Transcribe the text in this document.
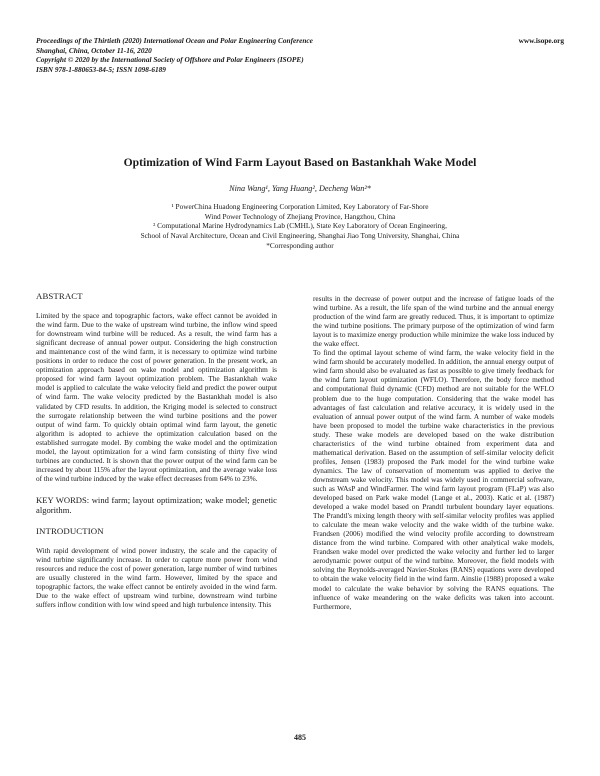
Proceedings of the Thirtieth (2020) International Ocean and Polar Engineering Conference
Shanghai, China, October 11-16, 2020
Copyright © 2020 by the International Society of Offshore and Polar Engineers (ISOPE)
ISBN 978-1-880653-84-5; ISSN 1098-6189
www.isope.org
Optimization of Wind Farm Layout Based on Bastankhah Wake Model
Nina Wang¹, Yang Huang², Decheng Wan²*
¹ PowerChina Huadong Engineering Corporation Limited, Key Laboratory of Far-Shore
Wind Power Technology of Zhejiang Province, Hangzhou, China
² Computational Marine Hydrodynamics Lab (CMHL), State Key Laboratory of Ocean Engineering,
School of Naval Architecture, Ocean and Civil Engineering, Shanghai Jiao Tong University, Shanghai, China
*Corresponding author
ABSTRACT

Limited by the space and topographic factors, wake effect cannot be avoided in the wind farm. Due to the wake of upstream wind turbine, the inflow wind speed for downstream wind turbine will be reduced. As a result, the wind farm has a significant decrease of annual power output. Considering the high construction and maintenance cost of the wind farm, it is necessary to optimize wind turbine positions in order to reduce the cost of power generation. In the present work, an optimization approach based on wake model and optimization algorithm is proposed for wind farm layout optimization problem. The Bastankhah wake model is applied to calculate the wake velocity field and predict the power output of wind farm. The wake velocity predicted by the Bastankhah model is also validated by CFD results. In addition, the Kriging model is selected to construct the surrogate relationship between the wind turbine positions and the power output of wind farm. To quickly obtain optimal wind farm layout, the genetic algorithm is adopted to achieve the optimization calculation based on the established surrogate model. By combing the wake model and the optimization model, the layout optimization for a wind farm consisting of thirty five wind turbines are conducted. It is shown that the power output of the wind farm can be increased by about 115% after the layout optimization, and the average wake loss of the wind turbine induced by the wake effect decreases from 64% to 23%.

KEY WORDS: wind farm; layout optimization; wake model; genetic algorithm.
INTRODUCTION

With rapid development of wind power industry, the scale and the capacity of wind turbine significantly increase. In order to capture more power from wind resources and reduce the cost of power generation, large number of wind turbines are usually clustered in the wind farm. However, limited by the space and topographic factors, the wake effect cannot be entirely avoided in the wind farm. Due to the wake effect of upstream wind turbine, downstream wind turbine suffers inflow condition with low wind speed and high turbulence intensity. This

results in the decrease of power output and the increase of fatigue loads of the wind turbine. As a result, the life span of the wind turbine and the annual energy production of the wind farm are greatly reduced. Thus, it is important to optimize the wind turbine positions. The primary purpose of the optimization of wind farm layout is to maximize energy production while minimize the wake loss induced by the wake effect.

To find the optimal layout scheme of wind farm, the wake velocity field in the wind farm should be accurately modelled. In addition, the annual energy output of wind farm should also be evaluated as fast as possible to give timely feedback for the wind farm layout optimization (WFLO). Therefore, the body force method and computational fluid dynamic (CFD) method are not suitable for the WFLO problem due to the huge computation. Considering that the wake model has advantages of fast calculation and relative accuracy, it is widely used in the evaluation of annual power output of the wind farm. A number of wake models have been proposed to model the turbine wake characteristics in the previous study. These wake models are developed based on the wake distribution characteristics of the wind turbine obtained from experiment data and mathematical derivation. Based on the assumption of self-similar velocity deficit profiles, Jensen (1983) proposed the Park model for the wind turbine wake dynamics. The law of conservation of momentum was applied to derive the downstream wake velocity. This model was widely used in commercial software, such as WAsP and WindFarmer. The wind farm layout program (FLaP) was also developed based on Park wake model (Lange et al., 2003). Katic et al. (1987) developed a wake model based on Prandtl turbulent boundary layer equations. The Prandtl's mixing length theory with self-similar velocity profiles was applied to calculate the mean wake velocity and the wake width of the turbine wake. Frandsen (2006) modified the wind velocity profile according to downstream distance from the wind turbine. Compared with other analytical wake models, Frandsen wake model over predicted the wake velocity and further led to larger aerodynamic power output of the wind turbine. Moreover, the field models with solving the Reynolds-averaged Navier-Stokes (RANS) equations were developed to obtain the wake velocity field in the wind farm. Ainslie (1988) proposed a wake model to calculate the wake behavior by solving the RANS equations. The influence of wake meandering on the wake deficits was taken into account. Furthermore,

485
